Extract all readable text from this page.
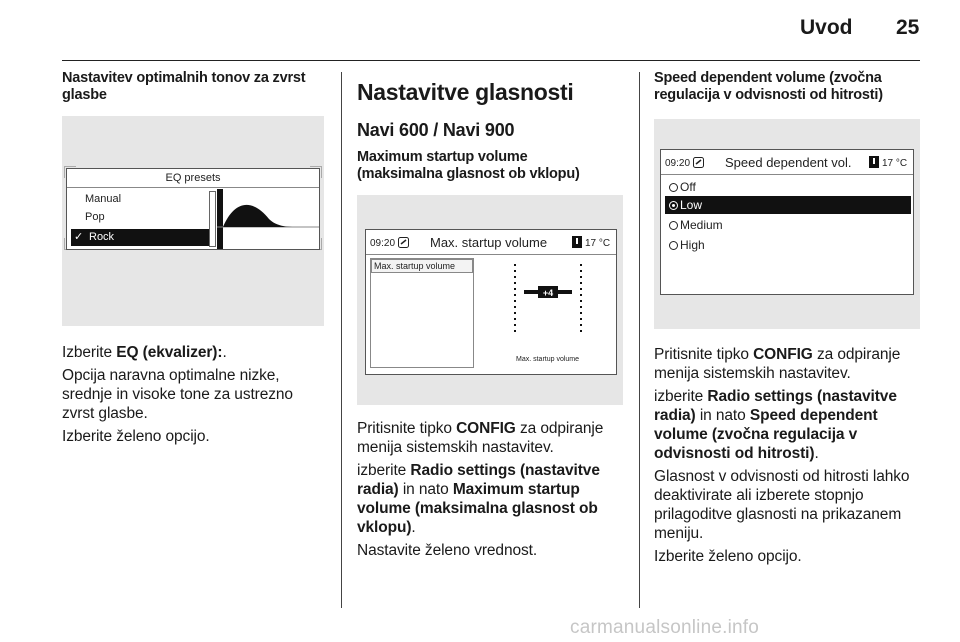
Uvod 25
Nastavitev optimalnih tonov za zvrst glasbe
EQ presets
Manual
Pop
✓ Rock
Izberite EQ (ekvalizer):.
Opcija naravna optimalne nizke, srednje in visoke tone za ustrezno zvrst glasbe.
Izberite želeno opcijo.
Nastavitve glasnosti
Navi 600 / Navi 900
Maximum startup volume
(maksimalna glasnost ob vklopu)
09:20	Max. startup volume	17 °C
Max. startup volume
+4
Max. startup volume
Pritisnite tipko CONFIG za odpiranje menija sistemskih nastavitev.
izberite Radio settings (nastavitve radia) in nato Maximum startup volume (maksimalna glasnost ob vklopu).
Nastavite želeno vrednost.
Speed dependent volume (zvočna
regulacija v odvisnosti od hitrosti)
09:20	Speed dependent vol.	17 °C
Off
Low
Medium
High
Pritisnite tipko CONFIG za odpiranje menija sistemskih nastavitev.
izberite Radio settings (nastavitve radia) in nato Speed dependent volume (zvočna regulacija v odvisnosti od hitrosti).
Glasnost v odvisnosti od hitrosti lahko deaktivirate ali izberete stopnjo prilagoditve glasnosti na prikazanem meniju.
Izberite želeno opcijo.
carmanualsonline.info
